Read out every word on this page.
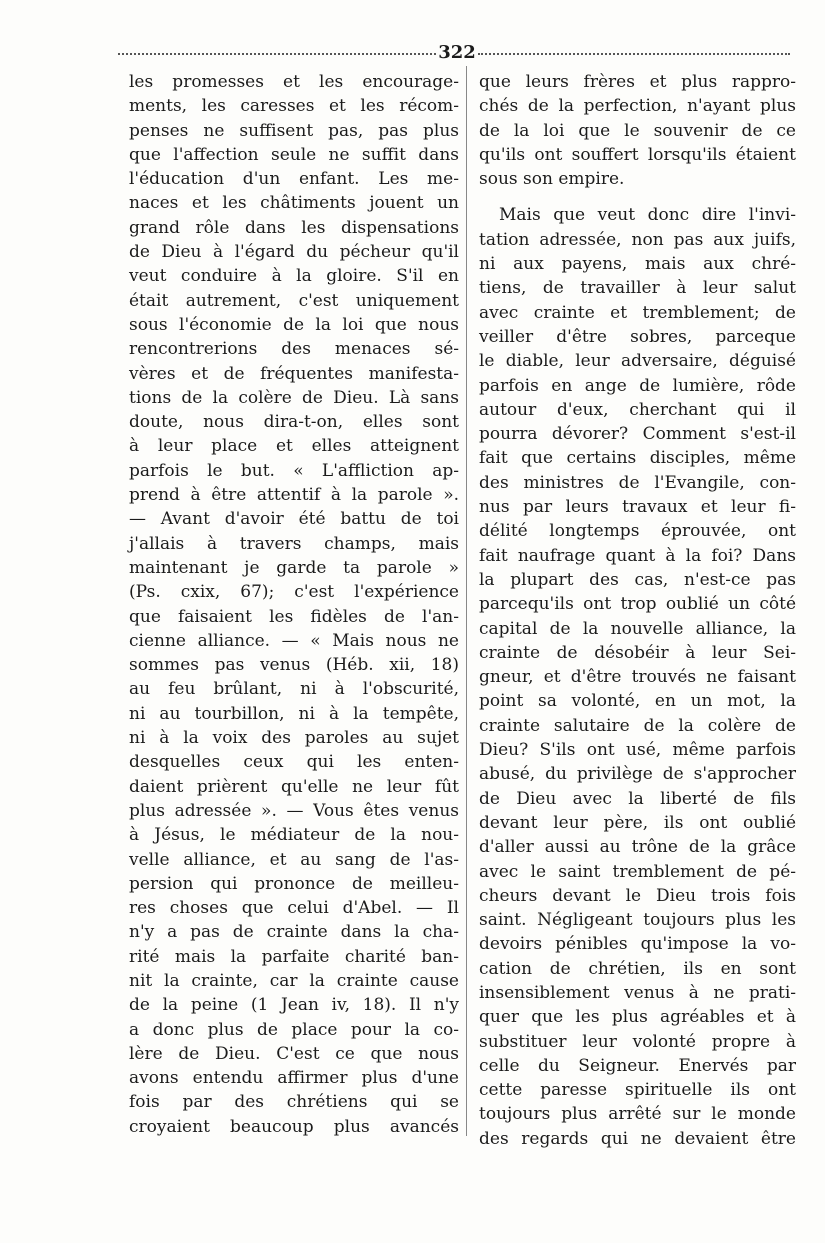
322
les promesses et les encourage-
ments, les caresses et les récom-
penses ne suffisent pas, pas plus
que l'affection seule ne suffit dans
l'éducation d'un enfant. Les me-
naces et les châtiments jouent un
grand rôle dans les dispensations
de Dieu à l'égard du pécheur qu'il
veut conduire à la gloire. S'il en
était autrement, c'est uniquement
sous l'économie de la loi que nous
rencontrerions des menaces sé-
vères et de fréquentes manifesta-
tions de la colère de Dieu. Là sans
doute, nous dira-t-on, elles sont
à leur place et elles atteignent
parfois le but. « L'affliction ap-
prend à être attentif à la parole ».
— Avant d'avoir été battu de toi
j'allais à travers champs, mais
maintenant je garde ta parole »
(Ps. cxix, 67); c'est l'expérience
que faisaient les fidèles de l'an-
cienne alliance. — « Mais nous ne
sommes pas venus (Héb. xii, 18)
au feu brûlant, ni à l'obscurité,
ni au tourbillon, ni à la tempête,
ni à la voix des paroles au sujet
desquelles ceux qui les enten-
daient prièrent qu'elle ne leur fût
plus adressée ». — Vous êtes venus
à Jésus, le médiateur de la nou-
velle alliance, et au sang de l'as-
persion qui prononce de meilleu-
res choses que celui d'Abel. — Il
n'y a pas de crainte dans la cha-
rité mais la parfaite charité ban-
nit la crainte, car la crainte cause
de la peine (1 Jean iv, 18). Il n'y
a donc plus de place pour la co-
lère de Dieu. C'est ce que nous
avons entendu affirmer plus d'une
fois par des chrétiens qui se
croyaient beaucoup plus avancés
que leurs frères et plus rappro-
chés de la perfection, n'ayant plus
de la loi que le souvenir de ce
qu'ils ont souffert lorsqu'ils étaient
sous son empire.
Mais que veut donc dire l'invi-
tation adressée, non pas aux juifs,
ni aux payens, mais aux chré-
tiens, de travailler à leur salut
avec crainte et tremblement; de
veiller d'être sobres, parceque
le diable, leur adversaire, déguisé
parfois en ange de lumière, rôde
autour d'eux, cherchant qui il
pourra dévorer? Comment s'est-il
fait que certains disciples, même
des ministres de l'Evangile, con-
nus par leurs travaux et leur fi-
délité longtemps éprouvée, ont
fait naufrage quant à la foi? Dans
la plupart des cas, n'est-ce pas
parcequ'ils ont trop oublié un côté
capital de la nouvelle alliance, la
crainte de désobéir à leur Sei-
gneur, et d'être trouvés ne faisant
point sa volonté, en un mot, la
crainte salutaire de la colère de
Dieu? S'ils ont usé, même parfois
abusé, du privilège de s'approcher
de Dieu avec la liberté de fils
devant leur père, ils ont oublié
d'aller aussi au trône de la grâce
avec le saint tremblement de pé-
cheurs devant le Dieu trois fois
saint. Négligeant toujours plus les
devoirs pénibles qu'impose la vo-
cation de chrétien, ils en sont
insensiblement venus à ne prati-
quer que les plus agréables et à
substituer leur volonté propre à
celle du Seigneur. Enervés par
cette paresse spirituelle ils ont
toujours plus arrêté sur le monde
des regards qui ne devaient être
